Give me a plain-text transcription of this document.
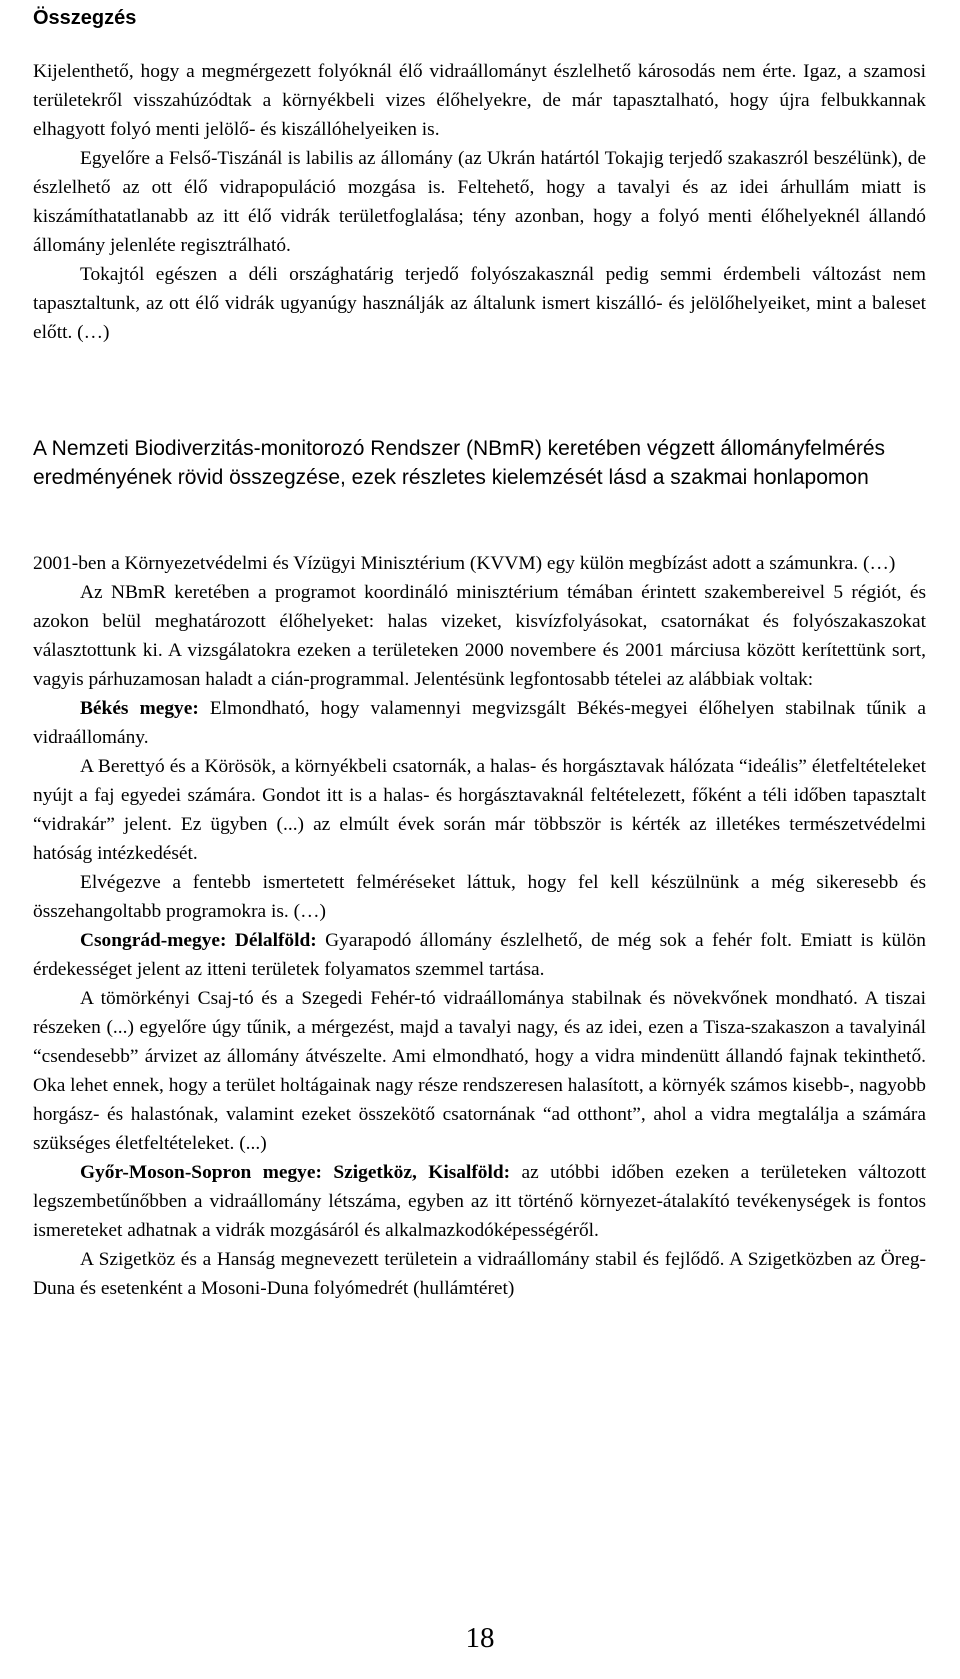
Összegzés

Kijelenthető, hogy a megmérgezett folyóknál élő vidraállományt észlelhető károsodás nem érte. Igaz, a szamosi területekről visszahúzódtak a környékbeli vizes élőhelyekre, de már tapasztalható, hogy újra felbukkannak elhagyott folyó menti jelölő- és kiszállóhelyeiken is.

Egyelőre a Felső-Tiszánál is labilis az állomány (az Ukrán határtól Tokajig terjedő szakaszról beszélünk), de észlelhető az ott élő vidrapopuláció mozgása is. Feltehető, hogy a tavalyi és az idei árhullám miatt is kiszámíthatatlanabb az itt élő vidrák területfoglalása; tény azonban, hogy a folyó menti élőhelyeknél állandó állomány jelenléte regisztrálható.

Tokajtól egészen a déli országhatárig terjedő folyószakasznál pedig semmi érdembeli változást nem tapasztaltunk, az ott élő vidrák ugyanúgy használják az általunk ismert kiszálló- és jelölőhelyeiket, mint a baleset előtt. (…)

A Nemzeti Biodiverzitás-monitorozó Rendszer (NBmR) keretében végzett állományfelmérés eredményének rövid összegzése, ezek részletes kielemzését lásd a szakmai honlapomon

2001-ben a Környezetvédelmi és Vízügyi Minisztérium (KVVM) egy külön megbízást adott a számunkra. (…)

Az NBmR keretében a programot koordináló minisztérium témában érintett szakembereivel 5 régiót, és azokon belül meghatározott élőhelyeket: halas vizeket, kisvízfolyásokat, csatornákat és folyószakaszokat választottunk ki. A vizsgálatokra ezeken a területeken 2000 novembere és 2001 márciusa között kerítettünk sort, vagyis párhuzamosan haladt a cián-programmal. Jelentésünk legfontosabb tételei az alábbiak voltak:

Békés megye: Elmondható, hogy valamennyi megvizsgált Békés-megyei élőhelyen stabilnak tűnik a vidraállomány.

A Berettyó és a Körösök, a környékbeli csatornák, a halas- és horgásztavak hálózata “ideális” életfeltételeket nyújt a faj egyedei számára. Gondot itt is a halas- és horgásztavaknál feltételezett, főként a téli időben tapasztalt “vidrakár” jelent. Ez ügyben (...) az elmúlt évek során már többször is kérték az illetékes természetvédelmi hatóság intézkedését.

Elvégezve a fentebb ismertetett felméréseket láttuk, hogy fel kell készülnünk a még sikeresebb és összehangoltabb programokra is. (…)

Csongrád-megye: Délalföld: Gyarapodó állomány észlelhető, de még sok a fehér folt. Emiatt is külön érdekességet jelent az itteni területek folyamatos szemmel tartása.

A tömörkényi Csaj-tó és a Szegedi Fehér-tó vidraállománya stabilnak és növekvőnek mondható. A tiszai részeken (...) egyelőre úgy tűnik, a mérgezést, majd a tavalyi nagy, és az idei, ezen a Tisza-szakaszon a tavalyinál “csendesebb” árvizet az állomány átvészelte. Ami elmondható, hogy a vidra mindenütt állandó fajnak tekinthető. Oka lehet ennek, hogy a terület holtágainak nagy része rendszeresen halasított, a környék számos kisebb-, nagyobb horgász- és halastónak, valamint ezeket összekötő csatornának “ad otthont”, ahol a vidra megtalálja a számára szükséges életfeltételeket. (...)

Győr-Moson-Sopron megye: Szigetköz, Kisalföld: az utóbbi időben ezeken a területeken változott legszembetűnőbben a vidraállomány létszáma, egyben az itt történő környezet-átalakító tevékenységek is fontos ismereteket adhatnak a vidrák mozgásáról és alkalmazkodóképességéről.

A Szigetköz és a Hanság megnevezett területein a vidraállomány stabil és fejlődő. A Szigetközben az Öreg-Duna és esetenként a Mosoni-Duna folyómedrét (hullámtéret)

18
